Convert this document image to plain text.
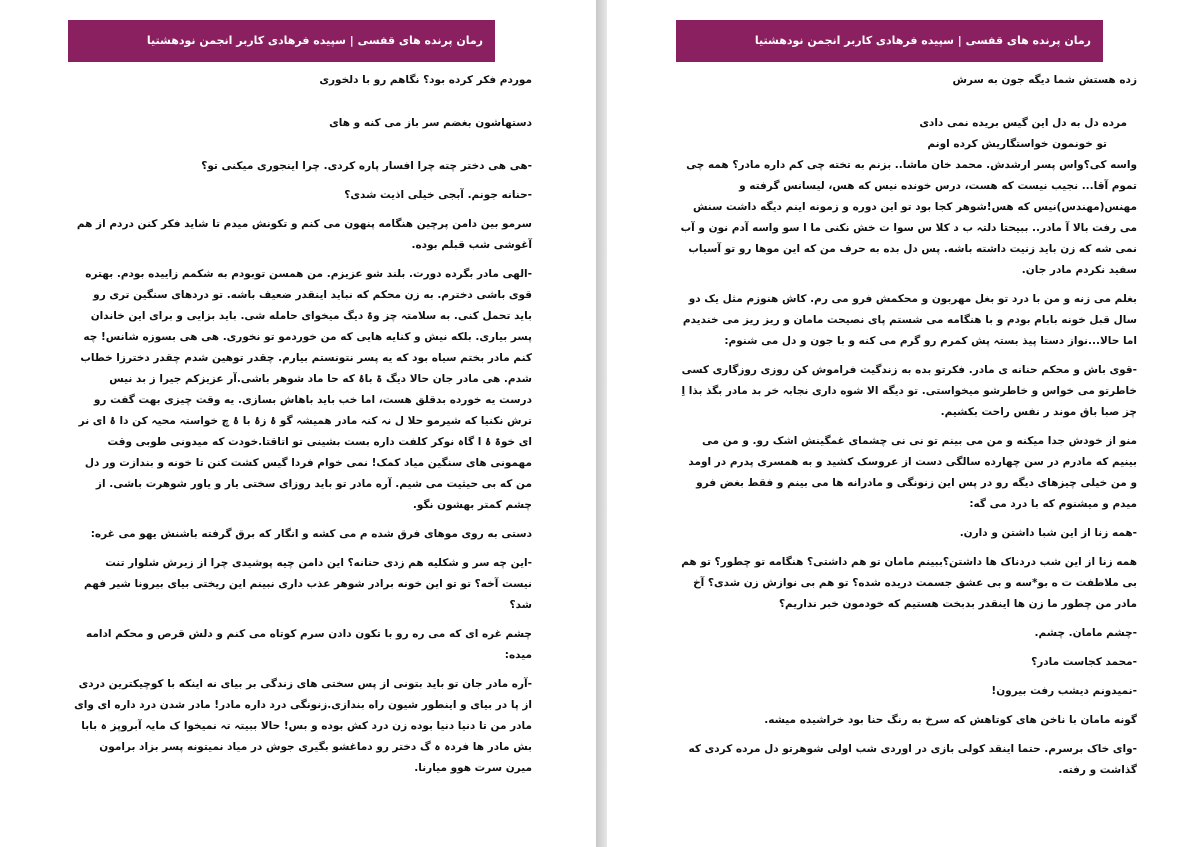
رمان پرنده های قفسی | سپیده فرهادی کاربر انجمن نودهشتیا

موردم فکر کرده بود؟ نگاهم رو با دلخوری

دستهاشون بغضم سر باز می کنه و های

-هی هی دختر چته چرا افسار پاره کردی. چرا اینجوری میکنی تو؟

-حنانه جونم. آبجی خیلی اذیت شدی؟

سرمو بین دامن پرچین هنگامه پنهون می کنم و تکونش میدم تا شاید فکر کنن دردم از هم آغوشی شب قبلم بوده.

-الهی مادر بگرده دورت. بلند شو عزیزم. من همسن توبودم به شکمم زاییده بودم. بهتره قوی باشی دخترم. به زن محکم که نباید اینقدر ضعیف باشه. تو دردهای سنگین تری رو باید تحمل کنی. به سلامتہ چز وۃ دیگ میخوای حامله شی. باید بزایی و برای این خاندان پسر بیاری. بلکه نیش و کنایه هایی که من خوردمو تو نخوری. هی هی بسوزه شانس! چه کنم مادر بختم سیاه بود که یه پسر نتونستم بیارم. چقدر توهین شدم چقدر دخترزا خطاب شدم. هی مادر جان حالا دیگ ۃ باۂ که حا ماد شوهر باشی.آر عزیزکم جیرا ز بد نیس درست یه خورده بدقلق هست، اما خب باید باهاش بسازی. یه وقت چیزی بهت گفت رو ترش نکنیا که شیرمو حلا ل نہ کنہ مادر همیشہ گو ۂ زۂ با ۂ چ خواستہ محیہ کن دا ۂ ای نر ای خوۃ ۂ ا گاہ نوکر کلفت داره بست بشینی تو اتاقتا.خودت که میدونی طوبی وقت مهمونی های سنگین میاد کمک! نمی خوام فردا گیس کشت کنن تا خونه و بندازت ور دل من که بی حیثیت می شیم. آره مادر تو باید روزای سختی یار و یاور شوهرت باشی. از چشم کمتر بهشون نگو.

دستی به روی موهای فرق شده م می کشه و انگار که برق گرفته باشنش یهو می غره:

-این چه سر و شکلیه هم زدی حنانه؟ این دامن چیه پوشیدی چرا از زیرش شلوار تنت نیست آخه؟ تو تو این خونه برادر شوهر عذب داری نبینم این ریختی بیای بیرونا شیر فهم شد؟

چشم غره ای که می ره رو با تکون دادن سرم کوتاه می کنم و دلش قرص و محکم ادامه میده:

-آره مادر جان تو باید بتونی از پس سختی های زندگی بر بیای نه اینکه با کوچیکترین دردی از پا در بیای و اینطور شیون راه بندازی.زنونگی درد داره مادر! مادر شدن درد داره ای وای مادر من تا دنیا دنیا بوده زن درد کش بوده و بس! حالا ببیتہ تہ نمیخوا ک مایہ آبروپز ہ بابا بش مادر ها فردہ ہ گ دختر رو دماغشو بگیری جوش در میاد نمیتونه پسر بزاد برامون میرن سرت هوو میارنا.

رمان پرنده های قفسی | سپیده فرهادی کاربر انجمن نودهشتیا

زده هستش شما دیگه جون به سرش

مرده دل به دل این گیس بریده نمی دادی

تو خونمون خواستگاریش کرده اونم

واسه کی؟واس پسر ارشدش. محمد خان ماشا.. بزنم به تخته چی کم داره مادر؟ همه چی تموم آقا... نجیب نیست که هست، درس خونده نیس که هس، لیسانس گرفته و مهنس(مهندس)نیس که هس!شوهر کجا بود تو این دوره و زمونه اینم دیگه داشت سنش می رفت بالا آ مادر.. ببیحتا دلتہ ب د کلا س سوا ت خش نکنی ما ا سو واسه آدم نون و آب نمی شه که زن باید زنیت داشته باشه. پس دل بده به حرف من که این موها رو تو آسیاب سفید نکردم مادر جان.

بغلم می زنه و من با درد تو بغل مهربون و محکمش فرو می رم. کاش هنوزم مثل یک دو سال قبل خونه بابام بودم و با هنگامه می شستم پای نصیحت مامان و ریز ریز می خندیدم اما حالا...نواز دستا پیذ بستہ پش کمرم رو گرم می کنه و با جون و دل می شنوم:

-قوی باش و محکم حنانه ی مادر. فکرتو بده به زندگیت فراموش کن روزی روزگاری کسی خاطرتو می خواس و خاطرشو میخواستی. تو دیگه الا شوه داری نجابہ خر بد مادر بگذ بذا اِ چز صبا باق موند ر نفس راحت بکشیم.

منو از خودش جدا میکنه و من می بینم تو نی نی چشمای غمگینش اشک رو. و من می بینیم که مادرم در سن چهارده سالگی دست از عروسک کشید و به همسری پدرم در اومد و من خیلی چیزهای دیگه رو در پس این زنونگی و مادرانه ها می بینم و فقط بغض فرو میدم و میشنوم که با درد می گه:

-همه زنا از این شبا داشتن و دارن.

همه زنا از این شب دردناک ها داشتن؟ببینم مامان تو هم داشتی؟ هنگامه تو چطور؟ تو هم بی ملاطفت ت ه بو*سه و بی عشق جسمت دریده شده؟ تو هم بی نوازش زن شدی؟ آخ مادر من چطور ما زن ها اینقدر بدبخت هستیم که خودمون خبر نداریم؟

-چشم مامان. چشم.

-محمد کجاست مادر؟

-نمیدونم دیشب رفت بیرون!

گونه مامان با ناخن های کوتاهش که سرخ به رنگ حنا بود خراشیده میشه.

-وای خاک برسرم. حتما اینقد کولی بازی در اوردی شب اولی شوهرتو دل مرده کردی که گذاشت و رفته.
